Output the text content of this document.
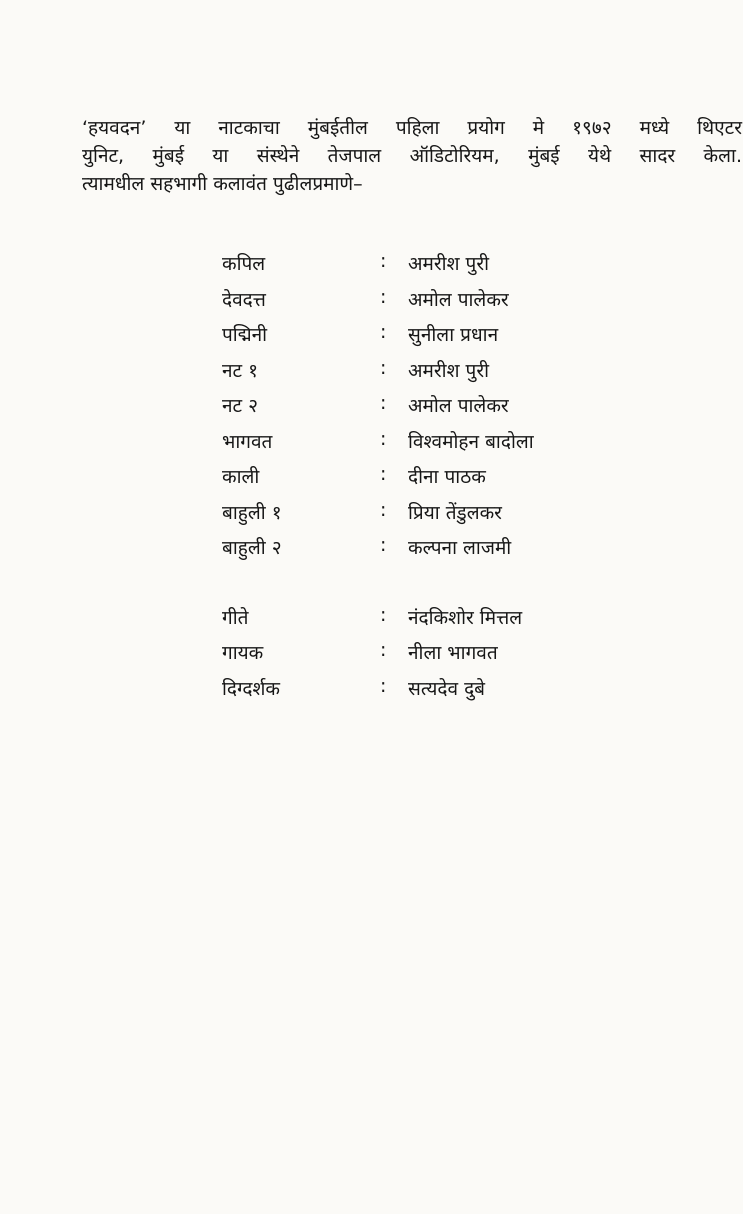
‘हयवदन’ या नाटकाचा मुंबईतील पहिला प्रयोग मे १९७२ मध्ये थिएटर
युनिट, मुंबई या संस्थेने तेजपाल ऑडिटोरियम, मुंबई येथे सादर केला.
त्यामधील सहभागी कलावंत पुढीलप्रमाणे–
कपिल	: अमरीश पुरी
देवदत्त	: अमोल पालेकर
पद्मिनी	: सुनीला प्रधान
नट १	: अमरीश पुरी
नट २	: अमोल पालेकर
भागवत	: विश्वमोहन बादोला
काली	: दीना पाठक
बाहुली १	: प्रिया तेंडुलकर
बाहुली २	: कल्पना लाजमी
गीते	: नंदकिशोर मित्तल
गायक	: नीला भागवत
दिग्दर्शक	: सत्यदेव दुबे
